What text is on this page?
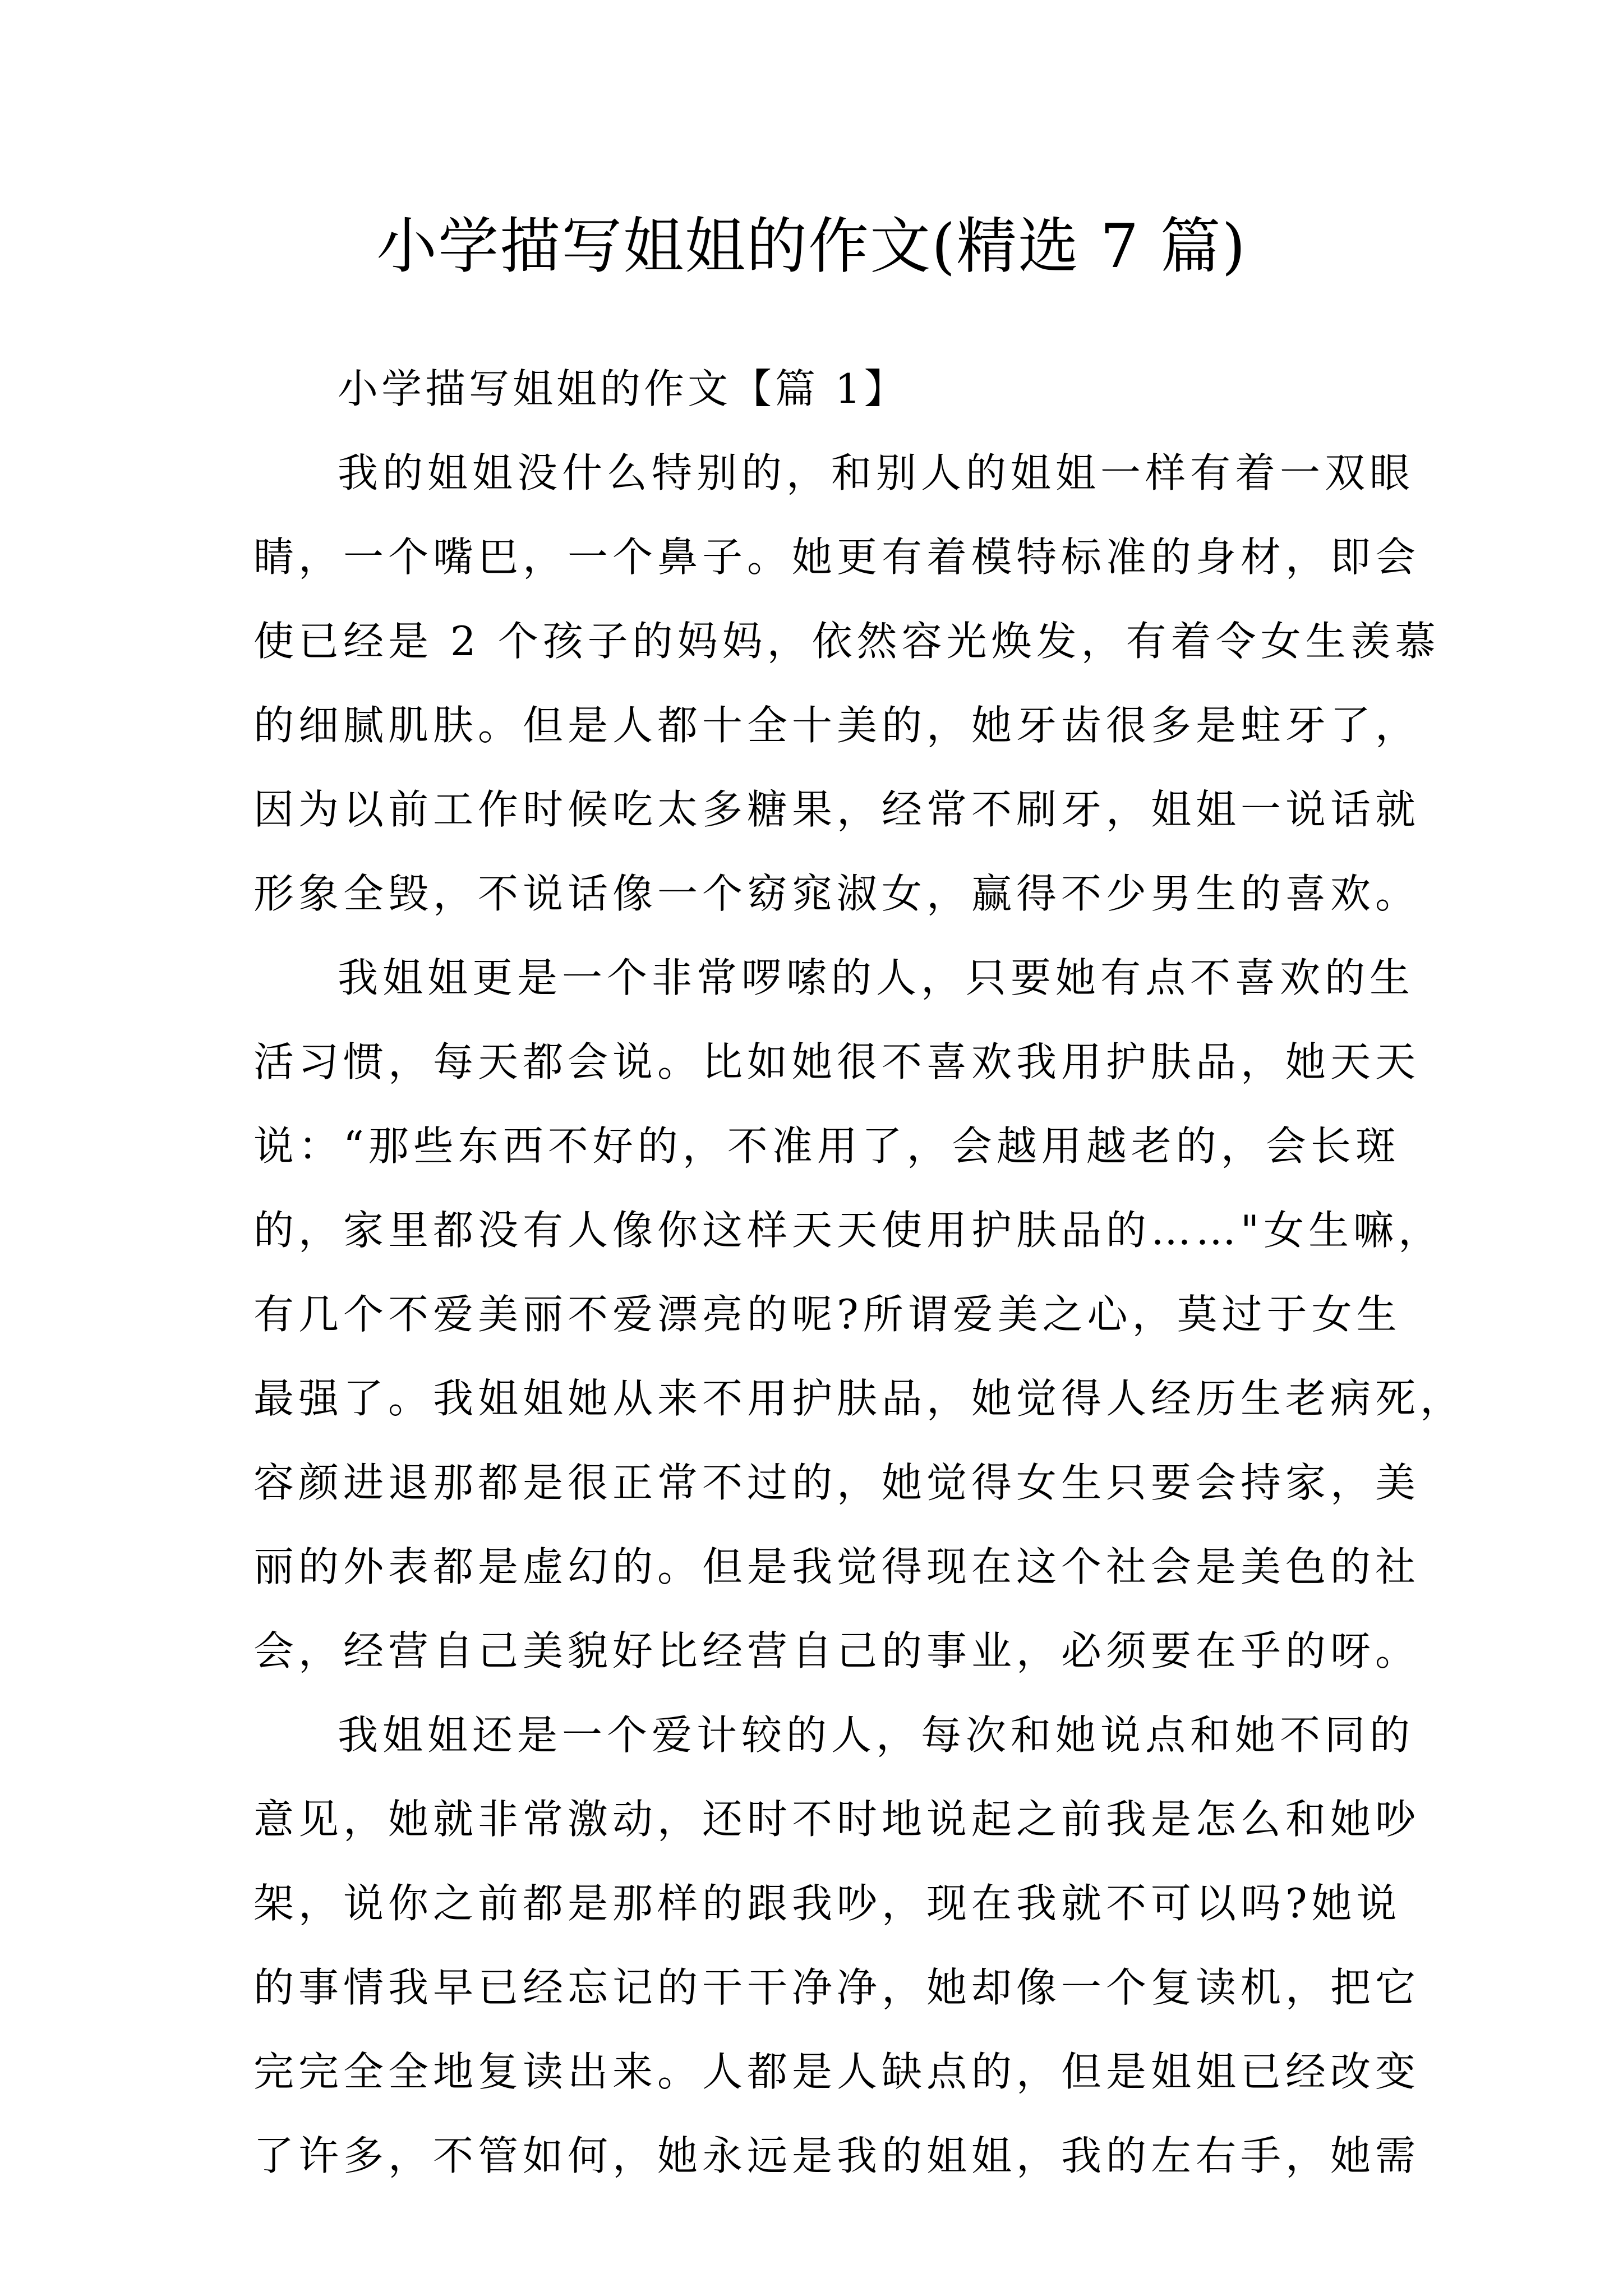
小学描写姐姐的作文(精选 7 篇)
小学描写姐姐的作文【篇 1】
我的姐姐没什么特别的，和别人的姐姐一样有着一双眼
睛，一个嘴巴，一个鼻子。她更有着模特标准的身材，即会
使已经是 2 个孩子的妈妈，依然容光焕发，有着令女生羡慕
的细腻肌肤。但是人都十全十美的，她牙齿很多是蛀牙了，
因为以前工作时候吃太多糖果，经常不刷牙，姐姐一说话就
形象全毁，不说话像一个窈窕淑女，赢得不少男生的喜欢。
我姐姐更是一个非常啰嗦的人，只要她有点不喜欢的生
活习惯，每天都会说。比如她很不喜欢我用护肤品，她天天
说：“那些东西不好的，不准用了，会越用越老的，会长斑
的，家里都没有人像你这样天天使用护肤品的……"女生嘛，
有几个不爱美丽不爱漂亮的呢?所谓爱美之心，莫过于女生
最强了。我姐姐她从来不用护肤品，她觉得人经历生老病死，
容颜进退那都是很正常不过的，她觉得女生只要会持家，美
丽的外表都是虚幻的。但是我觉得现在这个社会是美色的社
会，经营自己美貌好比经营自己的事业，必须要在乎的呀。
我姐姐还是一个爱计较的人，每次和她说点和她不同的
意见，她就非常激动，还时不时地说起之前我是怎么和她吵
架，说你之前都是那样的跟我吵，现在我就不可以吗?她说
的事情我早已经忘记的干干净净，她却像一个复读机，把它
完完全全地复读出来。人都是人缺点的，但是姐姐已经改变
了许多，不管如何，她永远是我的姐姐，我的左右手，她需
